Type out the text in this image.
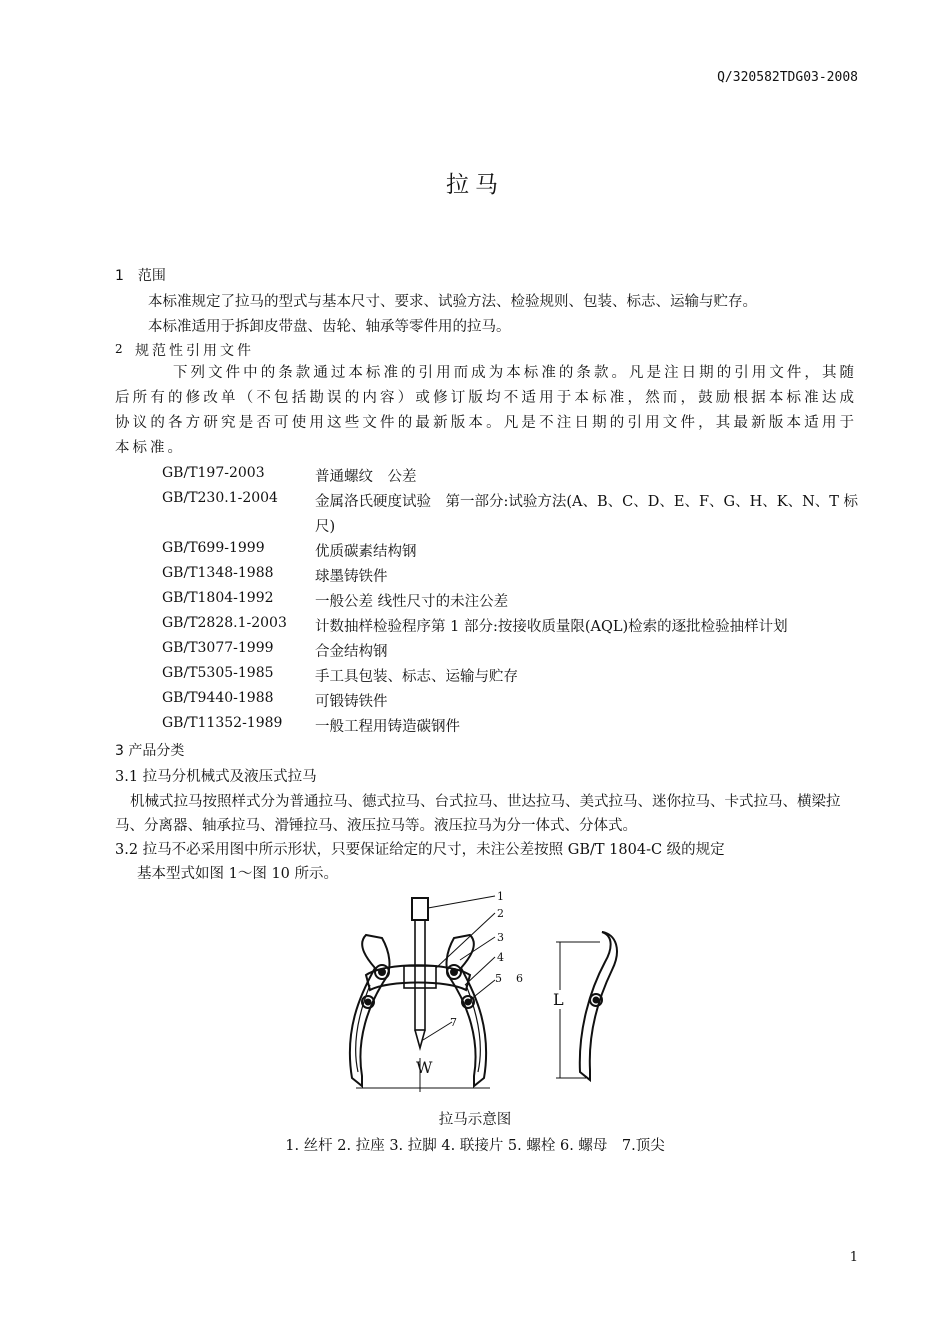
Q/320582TDG03-2008
拉马
1　范围
本标准规定了拉马的型式与基本尺寸、要求、试验方法、检验规则、包装、标志、运输与贮存。
本标准适用于拆卸皮带盘、齿轮、轴承等零件用的拉马。
2 规范性引用文件
下列文件中的条款通过本标准的引用而成为本标准的条款。凡是注日期的引用文件，其随后所有的修改单（不包括勘误的内容）或修订版均不适用于本标准，然而，鼓励根据本标准达成协议的各方研究是否可使用这些文件的最新版本。凡是不注日期的引用文件，其最新版本适用于本标准。
GB/T197-2003	普通螺纹　公差
GB/T230.1-2004	金属洛氏硬度试验　第一部分:试验方法(A、B、C、D、E、F、G、H、K、N、T 标尺)
GB/T699-1999	优质碳素结构钢
GB/T1348-1988	球墨铸铁件
GB/T1804-1992	一般公差 线性尺寸的未注公差
GB/T2828.1-2003 计数抽样检验程序第 1 部分:按接收质量限(AQL)检索的逐批检验抽样计划
GB/T3077-1999	合金结构钢
GB/T5305-1985	手工具包装、标志、运输与贮存
GB/T9440-1988	可锻铸铁件
GB/T11352-1989 一般工程用铸造碳钢件
3 产品分类
3.1 拉马分机械式及液压式拉马
机械式拉马按照样式分为普通拉马、德式拉马、台式拉马、世达拉马、美式拉马、迷你拉马、卡式拉马、横梁拉马、分离器、轴承拉马、滑锤拉马、液压拉马等。液压拉马为分一体式、分体式。
3.2 拉马不必采用图中所示形状，只要保证给定的尺寸，未注公差按照 GB/T 1804-C 级的规定
基本型式如图 1～图 10 所示。
1
2
3
4
5 6
7
W
L
拉马示意图
1. 丝杆 2. 拉座 3. 拉脚 4. 联接片 5. 螺栓 6. 螺母　7.顶尖
1
